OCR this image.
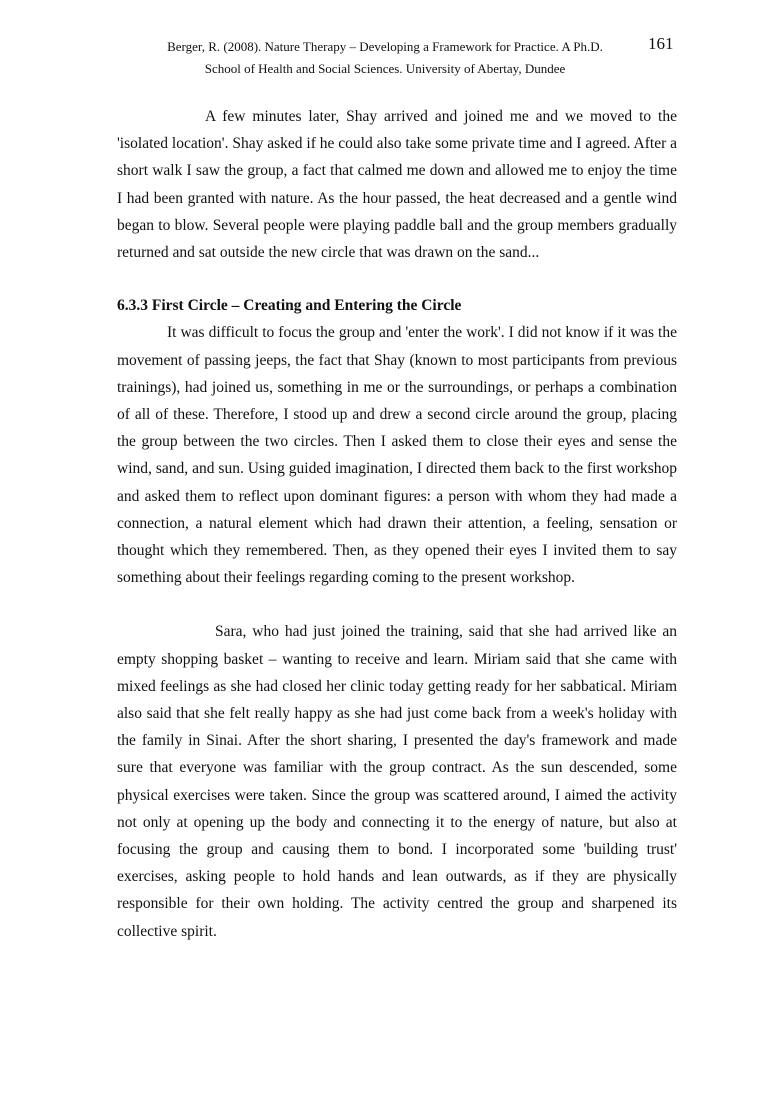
Berger, R. (2008). Nature Therapy – Developing a Framework for Practice. A Ph.D.
School of Health and Social Sciences. University of Abertay, Dundee
161

A few minutes later, Shay arrived and joined me and we moved to the 'isolated location'. Shay asked if he could also take some private time and I agreed. After a short walk I saw the group, a fact that calmed me down and allowed me to enjoy the time I had been granted with nature. As the hour passed, the heat decreased and a gentle wind began to blow. Several people were playing paddle ball and the group members gradually returned and sat outside the new circle that was drawn on the sand...

6.3.3 First Circle – Creating and Entering the Circle

It was difficult to focus the group and 'enter the work'. I did not know if it was the movement of passing jeeps, the fact that Shay (known to most participants from previous trainings), had joined us, something in me or the surroundings, or perhaps a combination of all of these. Therefore, I stood up and drew a second circle around the group, placing the group between the two circles. Then I asked them to close their eyes and sense the wind, sand, and sun. Using guided imagination, I directed them back to the first workshop and asked them to reflect upon dominant figures: a person with whom they had made a connection, a natural element which had drawn their attention, a feeling, sensation or thought which they remembered. Then, as they opened their eyes I invited them to say something about their feelings regarding coming to the present workshop.

Sara, who had just joined the training, said that she had arrived like an empty shopping basket – wanting to receive and learn. Miriam said that she came with mixed feelings as she had closed her clinic today getting ready for her sabbatical. Miriam also said that she felt really happy as she had just come back from a week's holiday with the family in Sinai. After the short sharing, I presented the day's framework and made sure that everyone was familiar with the group contract. As the sun descended, some physical exercises were taken. Since the group was scattered around, I aimed the activity not only at opening up the body and connecting it to the energy of nature, but also at focusing the group and causing them to bond. I incorporated some 'building trust' exercises, asking people to hold hands and lean outwards, as if they are physically responsible for their own holding. The activity centred the group and sharpened its collective spirit.
